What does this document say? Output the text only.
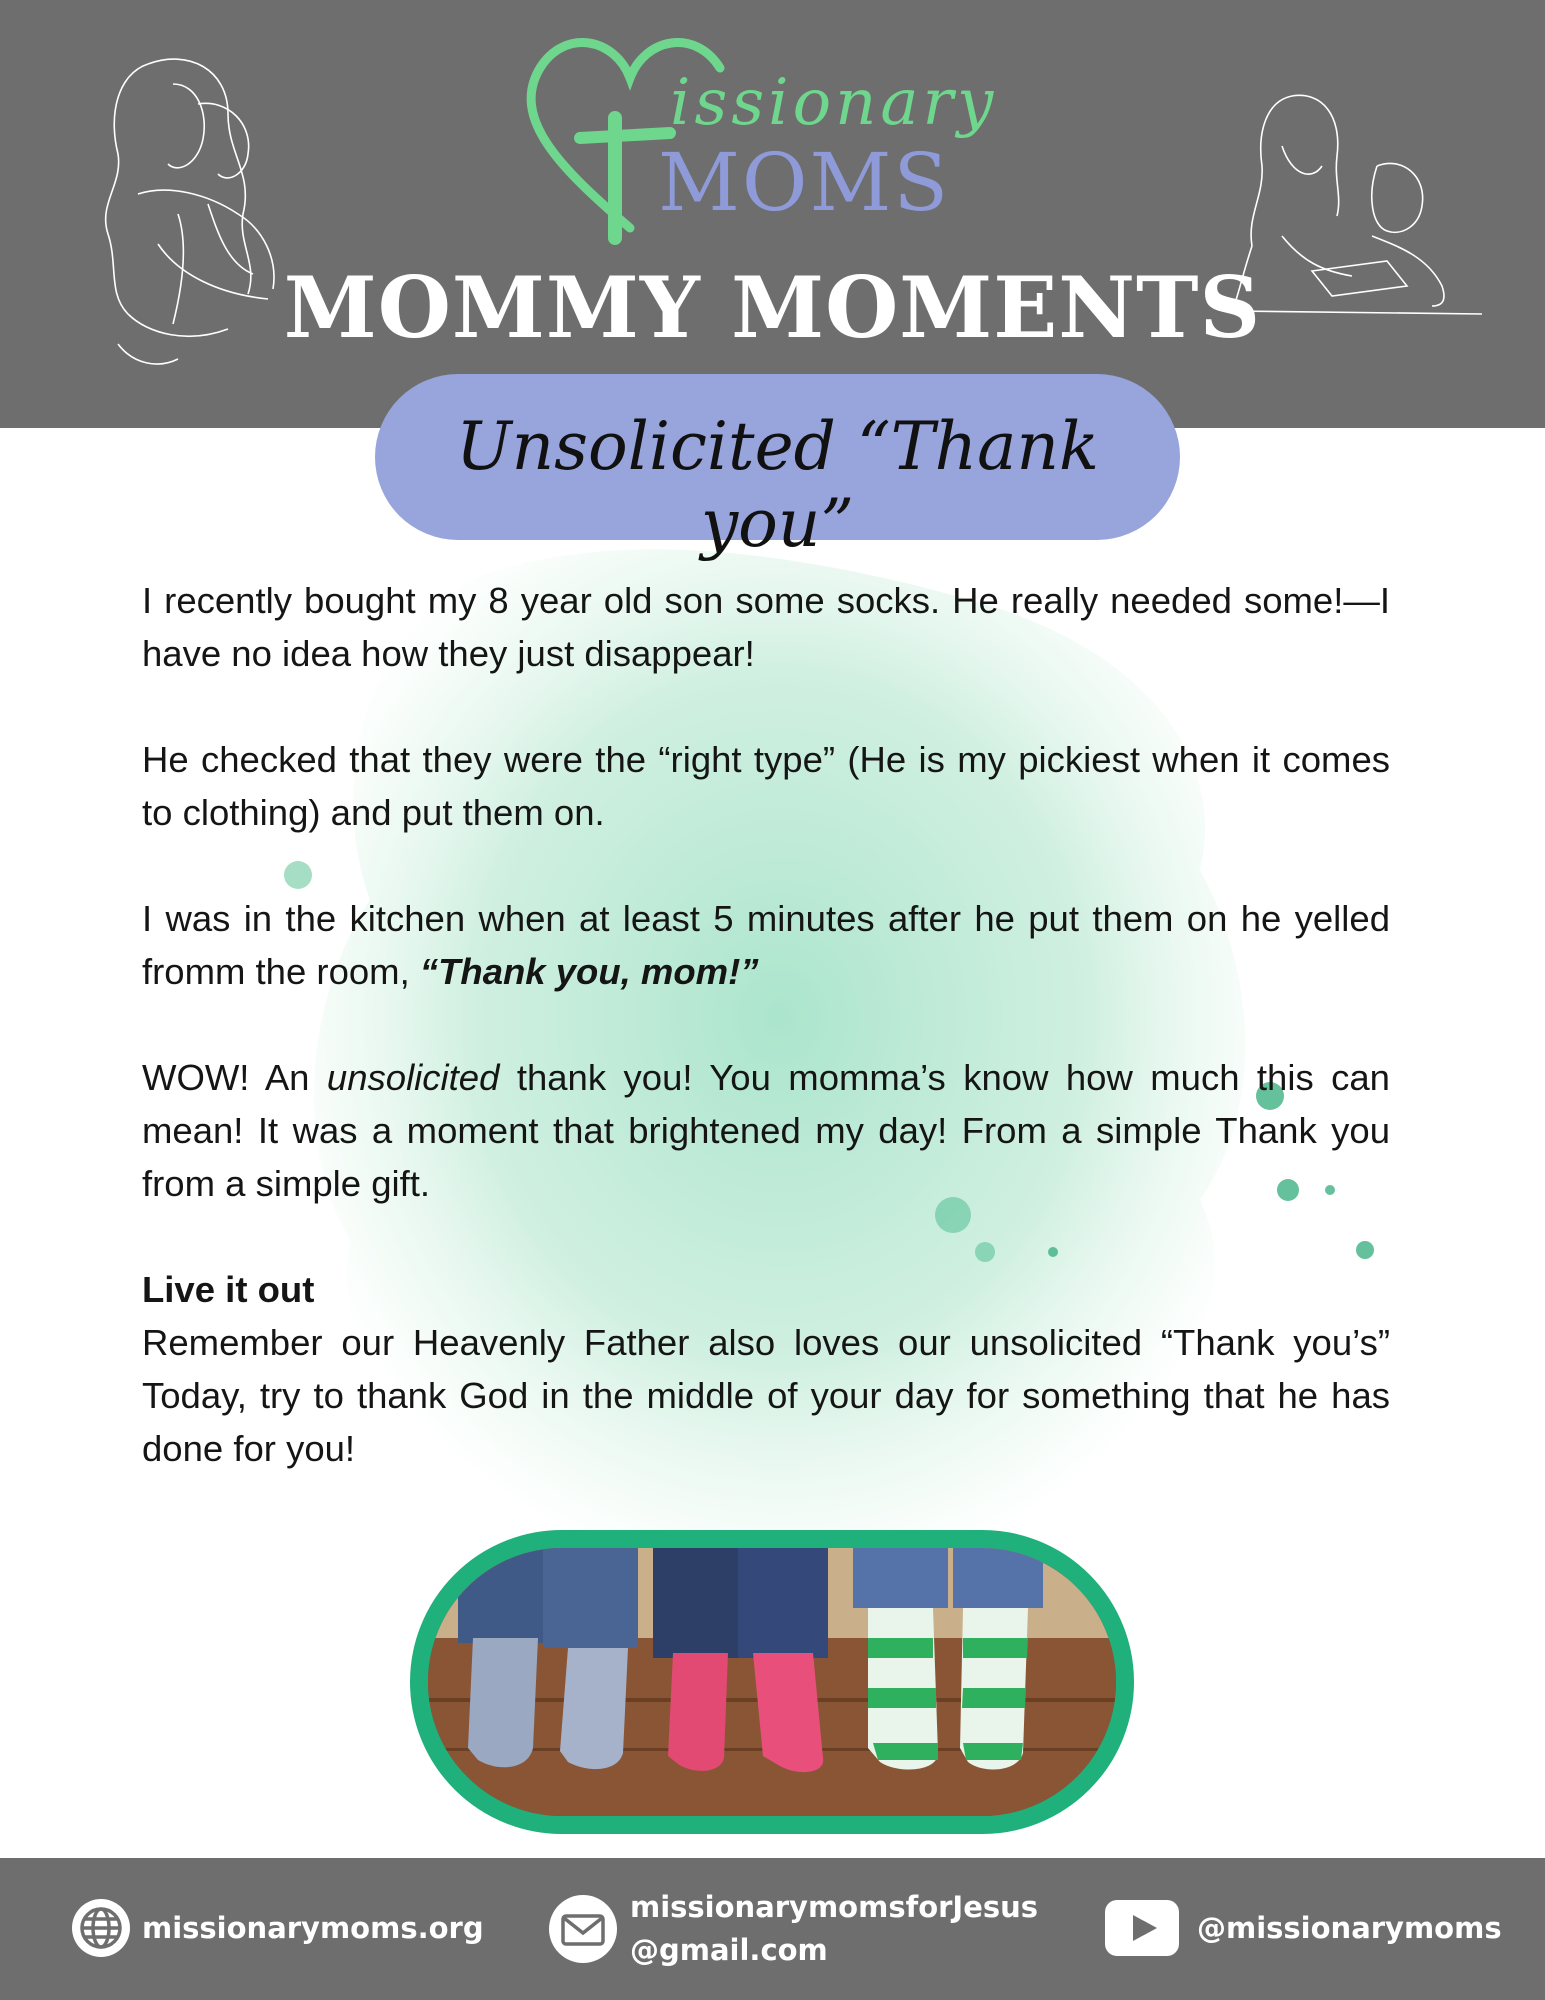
issionary
MOMS
MOMMY MOMENTS
Unsolicited “Thank you”

I recently bought my 8 year old son some socks. He really needed some!—I have no idea how they just disappear!

He checked that they were the “right type” (He is my pickiest when it comes to clothing) and put them on.

I was in the kitchen when at least 5 minutes after he put them on he yelled fromm the room, “Thank you, mom!”

WOW! An unsolicited thank you! You momma’s know how much this can mean! It was a moment that brightened my day! From a simple Thank you from a simple gift.

Live it out

Remember our Heavenly Father also loves our unsolicited “Thank you’s” Today, try to thank God in the middle of your day for something that he has done for you!

missionarymoms.org
missionarymomsforJesus
@gmail.com
@missionarymoms
